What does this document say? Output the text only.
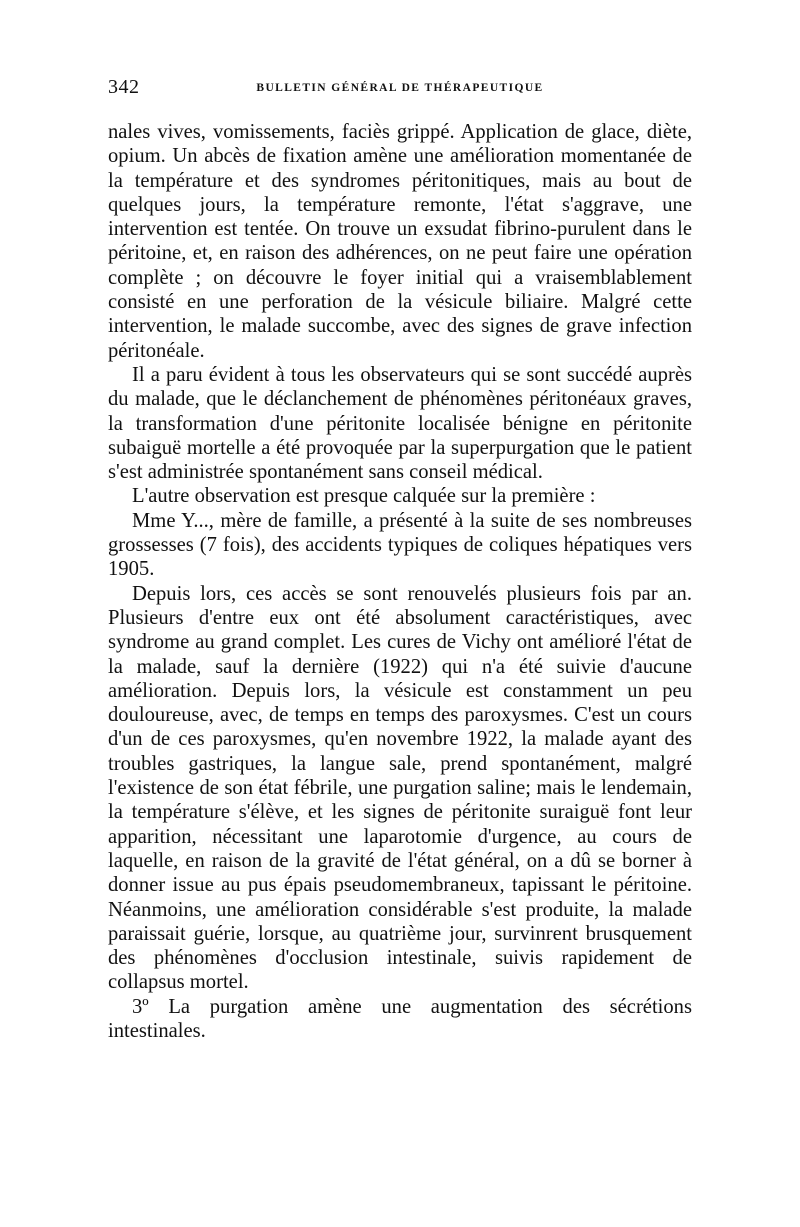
342	BULLETIN GÉNÉRAL DE THÉRAPEUTIQUE

nales vives, vomissements, faciès grippé. Application de glace, diète, opium. Un abcès de fixation amène une amélioration momentanée de la température et des syndromes péritonitiques, mais au bout de quelques jours, la température remonte, l'état s'aggrave, une intervention est tentée. On trouve un exsudat fibrino-purulent dans le péritoine, et, en raison des adhérences, on ne peut faire une opération complète ; on découvre le foyer initial qui a vraisemblablement consisté en une perforation de la vésicule biliaire. Malgré cette intervention, le malade succombe, avec des signes de grave infection péritonéale.

Il a paru évident à tous les observateurs qui se sont succédé auprès du malade, que le déclanchement de phénomènes péritonéaux graves, la transformation d'une péritonite localisée bénigne en péritonite subaiguë mortelle a été provoquée par la superpurgation que le patient s'est administrée spontanément sans conseil médical.

L'autre observation est presque calquée sur la première :

Mme Y..., mère de famille, a présenté à la suite de ses nombreuses grossesses (7 fois), des accidents typiques de coliques hépatiques vers 1905.

Depuis lors, ces accès se sont renouvelés plusieurs fois par an. Plusieurs d'entre eux ont été absolument caractéristiques, avec syndrome au grand complet. Les cures de Vichy ont amélioré l'état de la malade, sauf la dernière (1922) qui n'a été suivie d'aucune amélioration. Depuis lors, la vésicule est constamment un peu douloureuse, avec, de temps en temps des paroxysmes. C'est un cours d'un de ces paroxysmes, qu'en novembre 1922, la malade ayant des troubles gastriques, la langue sale, prend spontanément, malgré l'existence de son état fébrile, une purgation saline; mais le lendemain, la température s'élève, et les signes de péritonite suraiguë font leur apparition, nécessitant une laparotomie d'urgence, au cours de laquelle, en raison de la gravité de l'état général, on a dû se borner à donner issue au pus épais pseudomembraneux, tapissant le péritoine. Néanmoins, une amélioration considérable s'est produite, la malade paraissait guérie, lorsque, au quatrième jour, survinrent brusquement des phénomènes d'occlusion intestinale, suivis rapidement de collapsus mortel.

3º La purgation amène une augmentation des sécrétions intestinales.
